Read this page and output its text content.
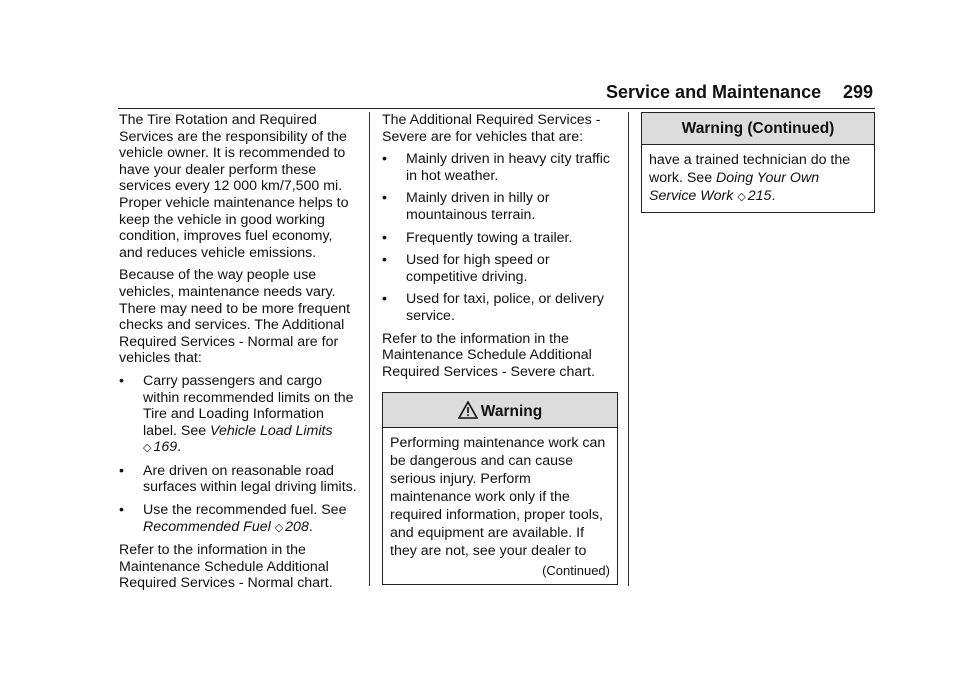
Service and Maintenance 299

The Tire Rotation and Required Services are the responsibility of the vehicle owner. It is recommended to have your dealer perform these services every 12 000 km/7,500 mi. Proper vehicle maintenance helps to keep the vehicle in good working condition, improves fuel economy, and reduces vehicle emissions.

Because of the way people use vehicles, maintenance needs vary. There may need to be more frequent checks and services. The Additional Required Services - Normal are for vehicles that:

• Carry passengers and cargo within recommended limits on the Tire and Loading Information label. See Vehicle Load Limits
◇ 169.
• Are driven on reasonable road surfaces within legal driving limits.
• Use the recommended fuel. See
Recommended Fuel ◇ 208.

Refer to the information in the Maintenance Schedule Additional Required Services - Normal chart.

The Additional Required Services - Severe are for vehicles that are:

• Mainly driven in heavy city traffic in hot weather.
• Mainly driven in hilly or mountainous terrain.
• Frequently towing a trailer.
• Used for high speed or competitive driving.
• Used for taxi, police, or delivery service.

Refer to the information in the Maintenance Schedule Additional Required Services - Severe chart.

Warning
Performing maintenance work can be dangerous and can cause serious injury. Perform maintenance work only if the required information, proper tools, and equipment are available. If they are not, see your dealer to
(Continued)
Warning (Continued)
have a trained technician do the work. See Doing Your Own Service Work ◇ 215.
